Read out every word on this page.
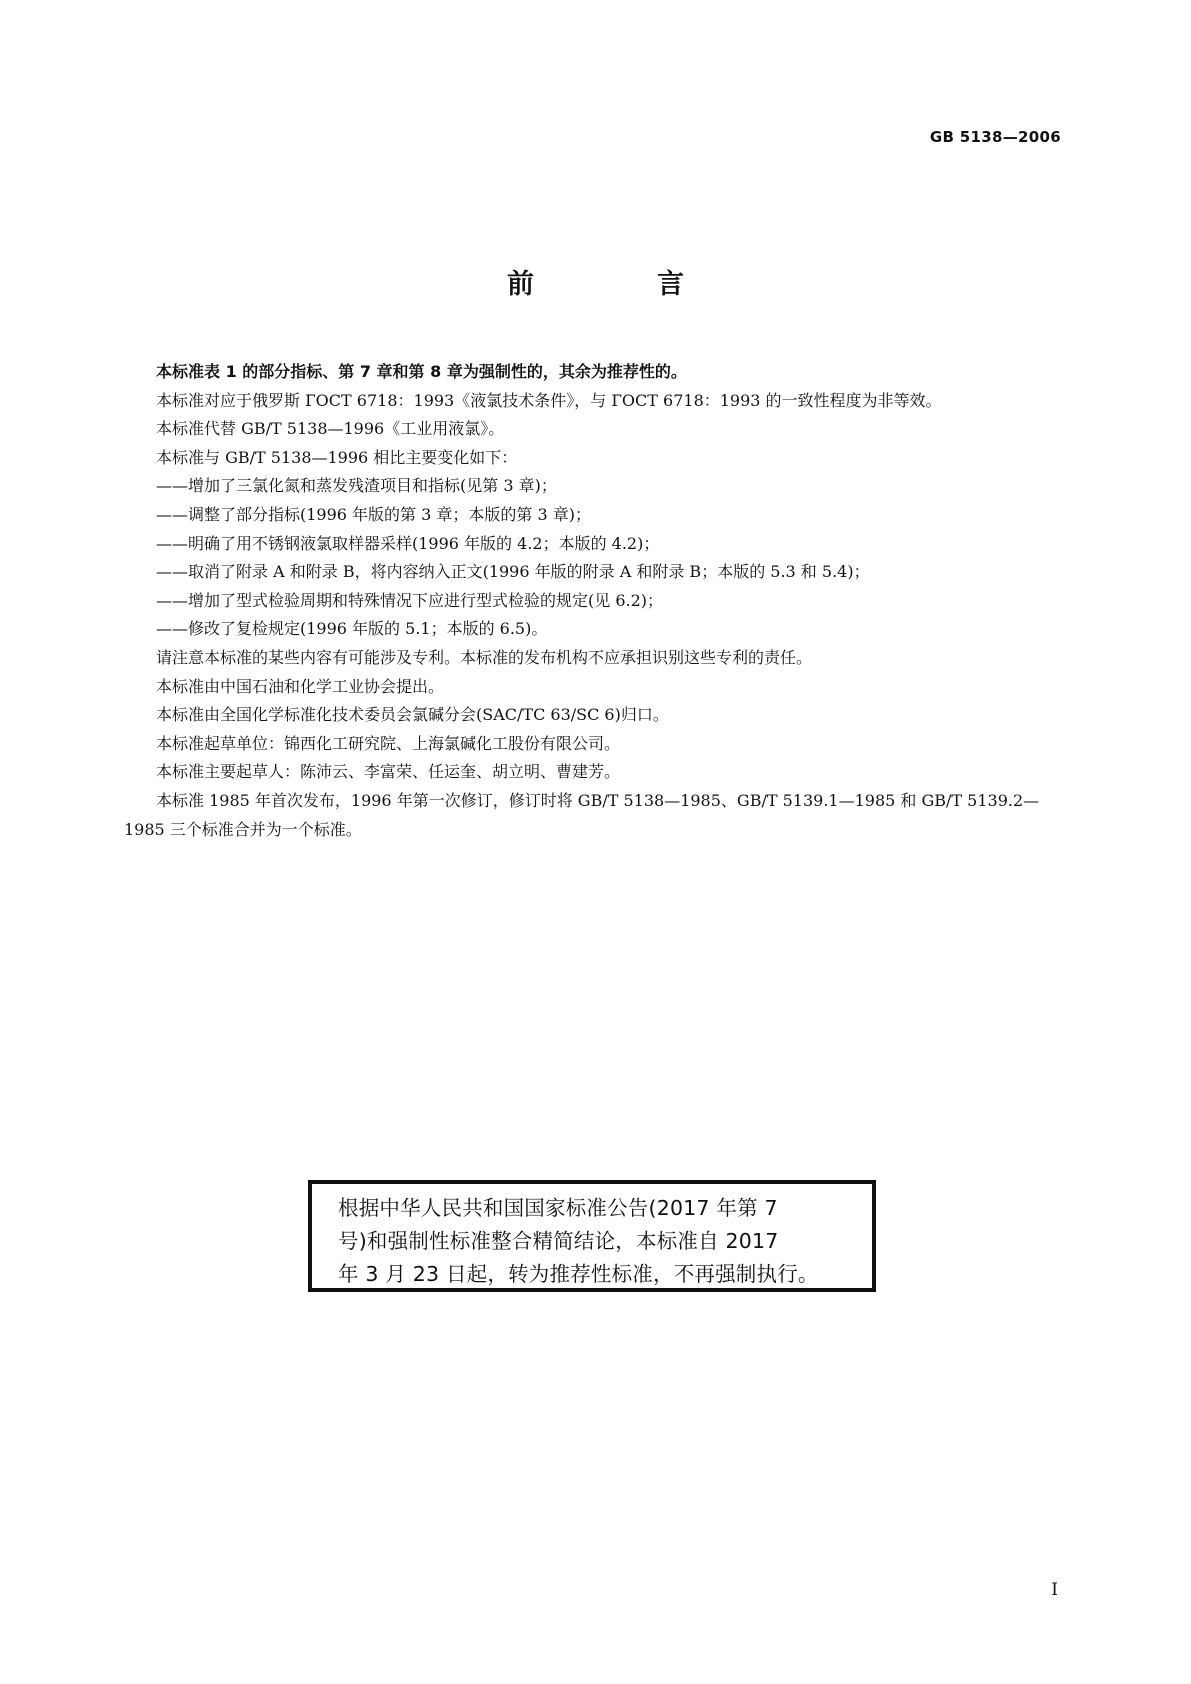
GB 5138—2006
前　言

本标准表 1 的部分指标、第 7 章和第 8 章为强制性的，其余为推荐性的。

本标准对应于俄罗斯 ГОСТ 6718：1993《液氯技术条件》，与 ГОСТ 6718：1993 的一致性程度为非等效。

本标准代替 GB/T 5138—1996《工业用液氯》。

本标准与 GB/T 5138—1996 相比主要变化如下：

——增加了三氯化氮和蒸发残渣项目和指标(见第 3 章)；

——调整了部分指标(1996 年版的第 3 章；本版的第 3 章)；

——明确了用不锈钢液氯取样器采样(1996 年版的 4.2；本版的 4.2)；

——取消了附录 A 和附录 B，将内容纳入正文(1996 年版的附录 A 和附录 B；本版的 5.3 和 5.4)；

——增加了型式检验周期和特殊情况下应进行型式检验的规定(见 6.2)；

——修改了复检规定(1996 年版的 5.1；本版的 6.5)。

请注意本标准的某些内容有可能涉及专利。本标准的发布机构不应承担识别这些专利的责任。

本标准由中国石油和化学工业协会提出。

本标准由全国化学标准化技术委员会氯碱分会(SAC/TC 63/SC 6)归口。

本标准起草单位：锦西化工研究院、上海氯碱化工股份有限公司。

本标准主要起草人：陈沛云、李富荣、任运奎、胡立明、曹建芳。

本标准 1985 年首次发布，1996 年第一次修订，修订时将 GB/T 5138—1985、GB/T 5139.1—1985 和 GB/T 5139.2—1985 三个标准合并为一个标准。

根据中华人民共和国国家标准公告(2017 年第 7
号)和强制性标准整合精简结论，本标准自 2017
年 3 月 23 日起，转为推荐性标准，不再强制执行。
I
